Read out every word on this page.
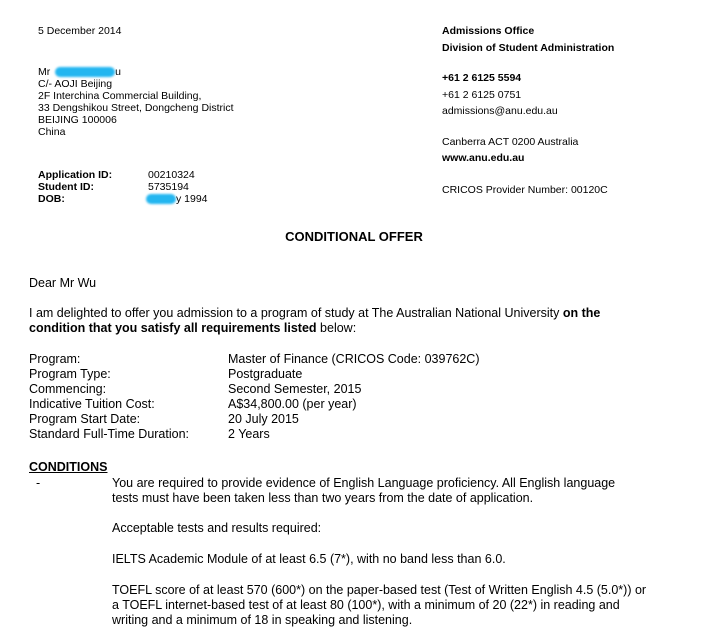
5 December 2014	Admissions Office
Division of Student Administration
+61 2 6125 5594
+61 2 6125 0751
admissions@anu.edu.au
Canberra ACT 0200 Australia
www.anu.edu.au
CRICOS Provider Number: 00120C
Mr	u
C/- AOJI Beijing
2F Interchina Commercial Building,
33 Dengshikou Street, Dongcheng District
BEIJING 100006
China
Application ID:	00210324
Student ID:	5735194
DOB:	y 1994
CONDITIONAL OFFER
Dear Mr Wu
I am delighted to offer you admission to a program of study at The Australian National University on the condition that you satisfy all requirements listed below:
Program:	Master of Finance (CRICOS Code: 039762C)
Program Type:	Postgraduate
Commencing:	Second Semester, 2015
Indicative Tuition Cost:	A$34,800.00 (per year)
Program Start Date:	20 July 2015
Standard Full-Time Duration:	2 Years
CONDITIONS
-	You are required to provide evidence of English Language proficiency. All English language tests must have been taken less than two years from the date of application.
Acceptable tests and results required:
IELTS Academic Module of at least 6.5 (7*), with no band less than 6.0.
TOEFL score of at least 570 (600*) on the paper-based test (Test of Written English 4.5 (5.0*)) or a TOEFL internet-based test of at least 80 (100*), with a minimum of 20 (22*) in reading and writing and a minimum of 18 in speaking and listening.
